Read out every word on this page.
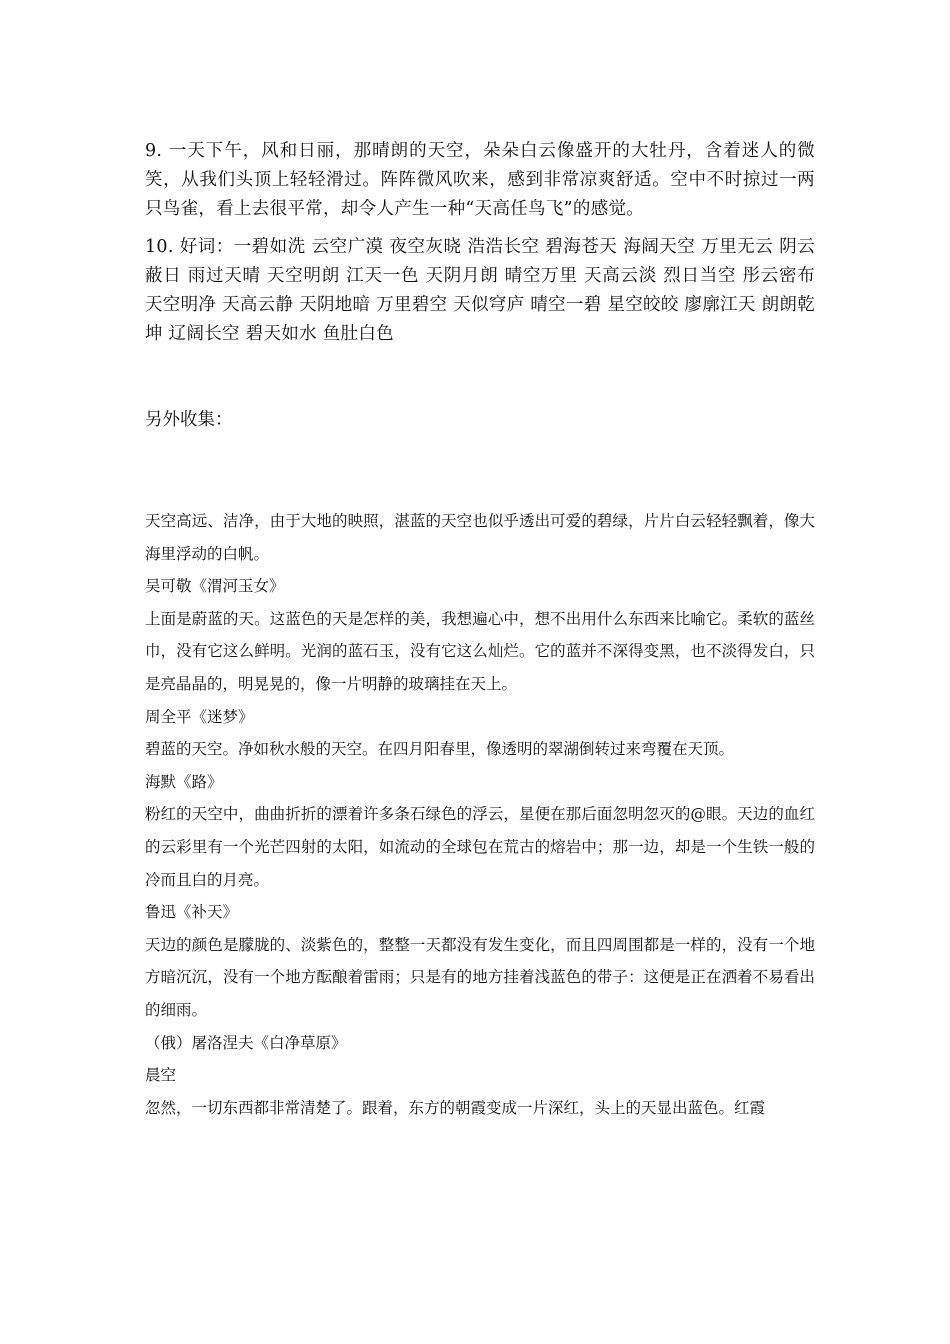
9. 一天下午，风和日丽，那晴朗的天空，朵朵白云像盛开的大牡丹，含着迷人的微笑，从我们头顶上轻轻滑过。阵阵微风吹来，感到非常凉爽舒适。空中不时掠过一两只鸟雀，看上去很平常，却令人产生一种“天高任鸟飞”的感觉。

10. 好词：一碧如洗 云空广漠 夜空灰晓 浩浩长空 碧海苍天 海阔天空 万里无云 阴云蔽日 雨过天晴 天空明朗 江天一色 天阴月朗 晴空万里 天高云淡 烈日当空 彤云密布 天空明净 天高云静 天阴地暗 万里碧空 天似穹庐 晴空一碧 星空皎皎 廖廓江天 朗朗乾坤 辽阔长空 碧天如水 鱼肚白色

另外收集：

天空高远、洁净，由于大地的映照，湛蓝的天空也似乎透出可爱的碧绿，片片白云轻轻飘着，像大海里浮动的白帆。

吴可敬《渭河玉女》

上面是蔚蓝的天。这蓝色的天是怎样的美，我想遍心中，想不出用什么东西来比喻它。柔软的蓝丝巾，没有它这么鲜明。光润的蓝石玉，没有它这么灿烂。它的蓝并不深得变黑，也不淡得发白，只是亮晶晶的，明晃晃的，像一片明静的玻璃挂在天上。

周全平《迷梦》

碧蓝的天空。净如秋水般的天空。在四月阳春里，像透明的翠湖倒转过来弯覆在天顶。

海默《路》

粉红的天空中，曲曲折折的漂着许多条石绿色的浮云，星便在那后面忽明忽灭的@眼。天边的血红的云彩里有一个光芒四射的太阳，如流动的全球包在荒古的熔岩中；那一边，却是一个生铁一般的冷而且白的月亮。

鲁迅《补天》

天边的颜色是朦胧的、淡紫色的，整整一天都没有发生变化，而且四周围都是一样的，没有一个地方暗沉沉，没有一个地方酝酿着雷雨；只是有的地方挂着浅蓝色的带子：这便是正在洒着不易看出的细雨。

（俄）屠洛涅夫《白净草原》

晨空

忽然，一切东西都非常清楚了。跟着，东方的朝霞变成一片深红，头上的天显出蓝色。红霞
